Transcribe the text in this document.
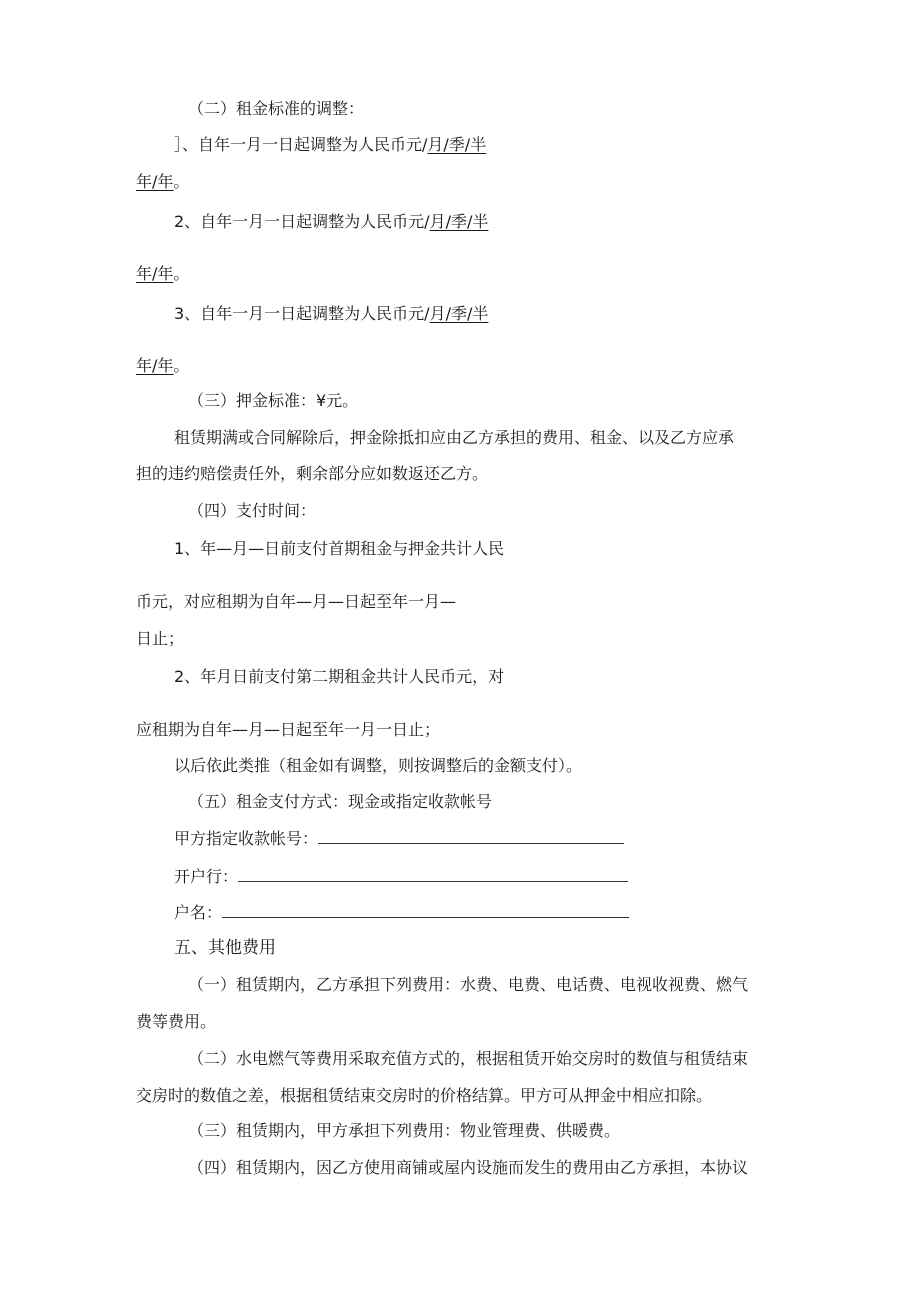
（二）租金标准的调整：
］、自年一月一日起调整为人民币元/月/季/半
年/年。
2、自年一月一日起调整为人民币元/月/季/半
年/年。
3、自年一月一日起调整为人民币元/月/季/半
年/年。
（三）押金标准：¥元。
租赁期满或合同解除后，押金除抵扣应由乙方承担的费用、租金、以及乙方应承
担的违约赔偿责任外，剩余部分应如数返还乙方。
（四）支付时间：
1、年—月—日前支付首期租金与押金共计人民
币元，对应租期为自年—月—日起至年一月—
日止；
2、年月日前支付第二期租金共计人民币元，对
应租期为自年—月—日起至年一月一日止；
以后依此类推（租金如有调整，则按调整后的金额支付）。
（五）租金支付方式：现金或指定收款帐号
甲方指定收款帐号：
开户行：
户名：
五、其他费用
（一）租赁期内，乙方承担下列费用：水费、电费、电话费、电视收视费、燃气
费等费用。
（二）水电燃气等费用采取充值方式的，根据租赁开始交房时的数值与租赁结束
交房时的数值之差，根据租赁结束交房时的价格结算。甲方可从押金中相应扣除。
（三）租赁期内，甲方承担下列费用：物业管理费、供暖费。
（四）租赁期内，因乙方使用商铺或屋内设施而发生的费用由乙方承担，本协议
